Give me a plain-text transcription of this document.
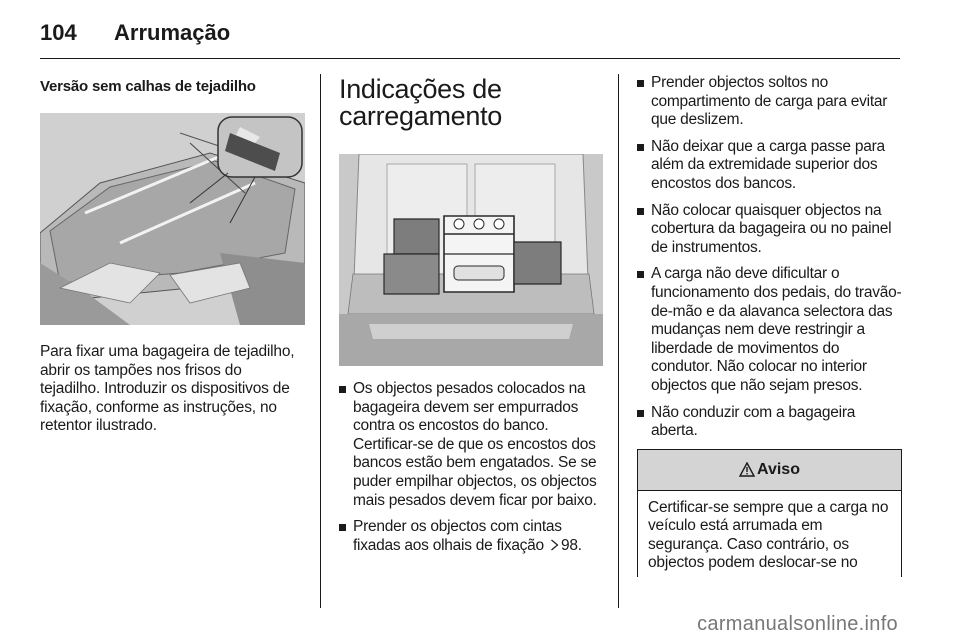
104	Arrumação

Versão sem calhas de tejadilho

Para fixar uma bagageira de tejadilho, abrir os tampões nos frisos do tejadilho. Introduzir os dispositivos de fixação, conforme as instruções, no retentor ilustrado.

Indicações de
carregamento
Os objectos pesados colocados na bagageira devem ser empurrados contra os encostos do banco. Certificar-se de que os encostos dos bancos estão bem engatados. Se se puder empilhar objectos, os objectos mais pesados devem ficar por baixo.
Prender os objectos com cintas fixadas aos olhais de fixação 98.
Prender objectos soltos no compartimento de carga para evitar que deslizem.
Não deixar que a carga passe para além da extremidade superior dos encostos dos bancos.
Não colocar quaisquer objectos na cobertura da bagageira ou no painel de instrumentos.
A carga não deve dificultar o funcionamento dos pedais, do travão-de-mão e da alavanca selectora das mudanças nem deve restringir a liberdade de movimentos do condutor. Não colocar no interior objectos que não sejam presos.
Não conduzir com a bagageira aberta.
Aviso
Certificar-se sempre que a carga no veículo está arrumada em segurança. Caso contrário, os objectos podem deslocar-se no
carmanualsonline.info
